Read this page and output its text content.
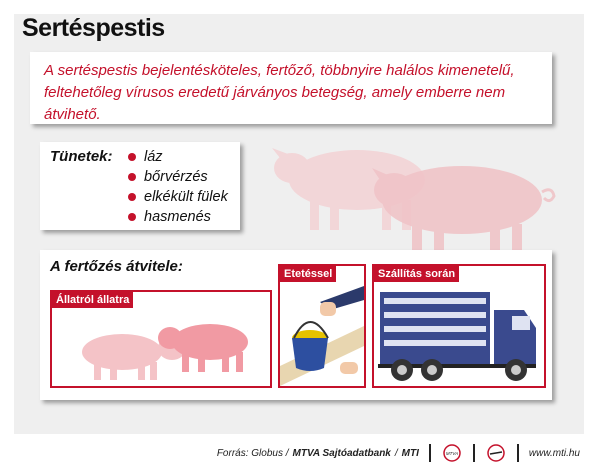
Sertéspestis
A sertéspestis bejelentésköteles, fertőző, többnyire halálos kimenetelű, feltehetőleg vírusos eredetű járványos betegség, amely emberre nem átvihető.
Tünetek:	láz
bőrvérzés
elkékült fülek
hasmenés
A fertőzés átvitele:
Állatról állatra
Etetéssel	Szállítás során
Forrás: Globus / MTVA Sajtóadatbank / MTI	MTVA	www.mti.hu
